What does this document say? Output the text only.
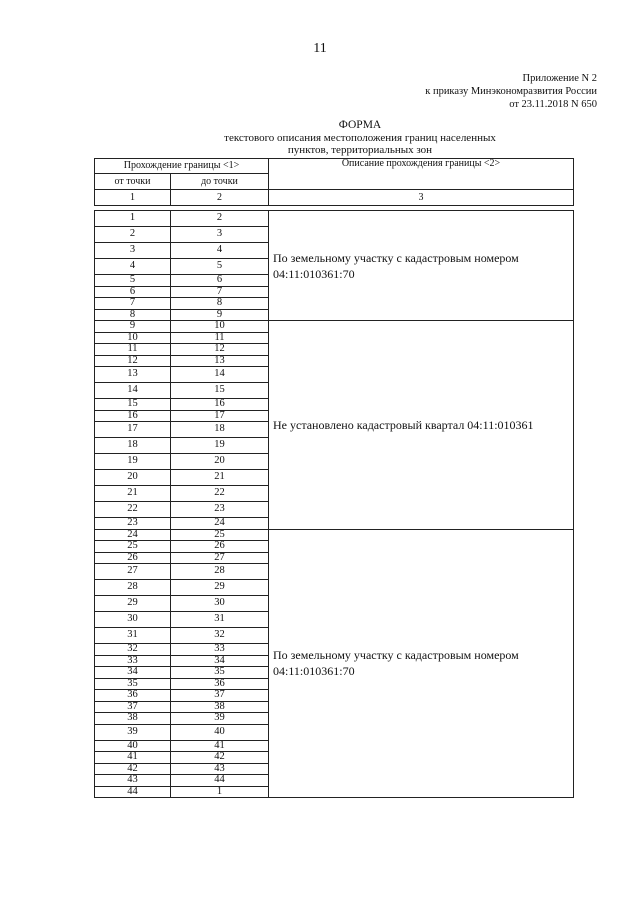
11
Приложение N 2
к приказу Минэкономразвития России
от 23.11.2018 N 650
ФОРМА
текстового описания местоположения границ населенных
пунктов, территориальных зон
Прохождение границы <1>		Описание прохождения границы <2>
от точки	до точки	
1	2	3

1	2	По земельному участку с кадастровым номером 04:11:010361:70
2	3	
3	4	
4	5	
5	6	
6	7	
7	8	
8	9	
9	10	Не установлено кадастровый квартал 04:11:010361
10	11	
11	12	
12	13	
13	14	
14	15	
15	16	
16	17	
17	18	
18	19	
19	20	
20	21	
21	22	
22	23	
23	24	
24	25	По земельному участку с кадастровым номером 04:11:010361:70
25	26	
26	27	
27	28	
28	29	
29	30	
30	31	
31	32	
32	33	
33	34	
34	35	
35	36	
36	37	
37	38	
38	39	
39	40	
40	41	
41	42	
42	43	
43	44	
44	1	
